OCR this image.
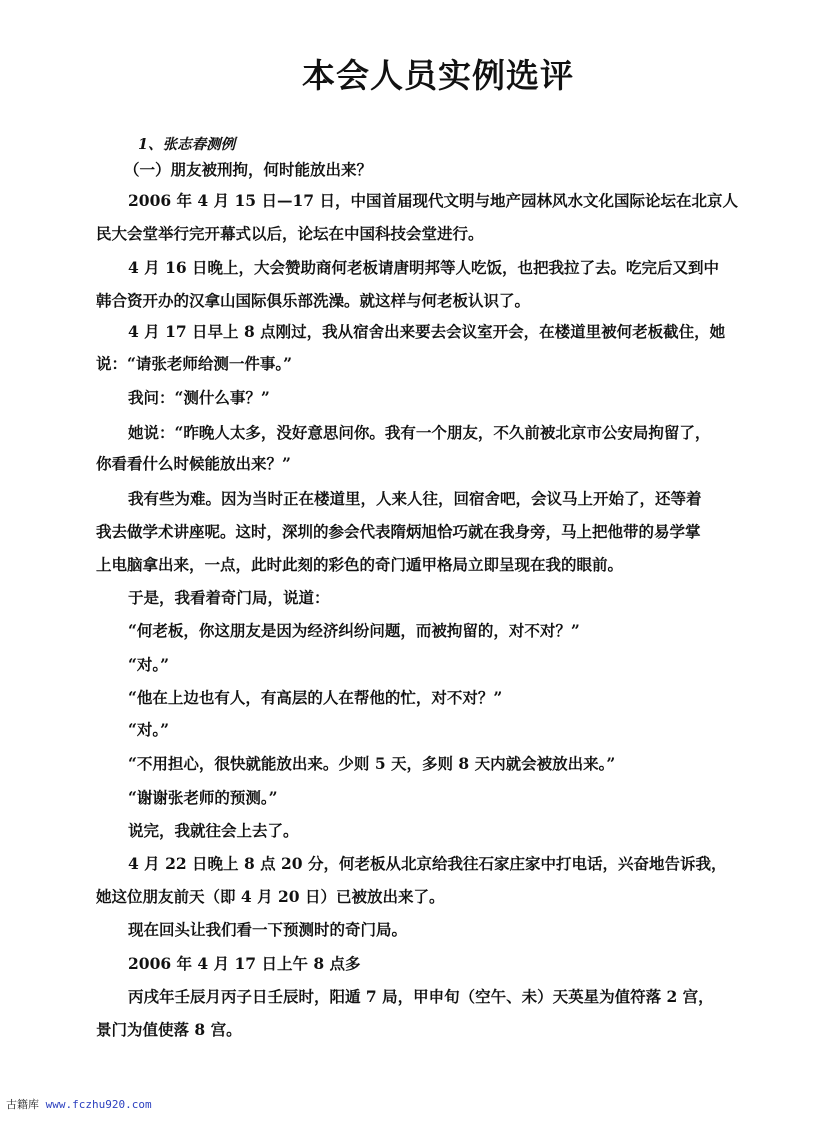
本会人员实例选评
1、张志春测例
（一）朋友被刑拘，何时能放出来？
2006 年 4 月 15 日—17 日，中国首届现代文明与地产园林风水文化国际论坛在北京人
民大会堂举行完开幕式以后，论坛在中国科技会堂进行。
4 月 16 日晚上，大会赞助商何老板请唐明邦等人吃饭，也把我拉了去。吃完后又到中
韩合资开办的汉拿山国际俱乐部洗澡。就这样与何老板认识了。
4 月 17 日早上 8 点刚过，我从宿舍出来要去会议室开会，在楼道里被何老板截住，她
说：“请张老师给测一件事。”
我问：“测什么事？”
她说：“昨晚人太多，没好意思问你。我有一个朋友，不久前被北京市公安局拘留了，
你看看什么时候能放出来？”
我有些为难。因为当时正在楼道里，人来人往，回宿舍吧，会议马上开始了，还等着
我去做学术讲座呢。这时，深圳的参会代表隋炳旭恰巧就在我身旁，马上把他带的易学掌
上电脑拿出来，一点，此时此刻的彩色的奇门遁甲格局立即呈现在我的眼前。
于是，我看着奇门局，说道：
“何老板，你这朋友是因为经济纠纷问题，而被拘留的，对不对？”
“对。”
“他在上边也有人，有高层的人在帮他的忙，对不对？”
“对。”
“不用担心，很快就能放出来。少则 5 天，多则 8 天内就会被放出来。”
“谢谢张老师的预测。”
说完，我就往会上去了。
4 月 22 日晚上 8 点 20 分，何老板从北京给我往石家庄家中打电话，兴奋地告诉我，
她这位朋友前天（即 4 月 20 日）已被放出来了。
现在回头让我们看一下预测时的奇门局。
2006 年 4 月 17 日上午 8 点多
丙戌年壬辰月丙子日壬辰时，阳遁 7 局，甲申旬（空午、未）天英星为值符落 2 宫，
景门为值使落 8 宫。
古籍库 www.fczhu920.com
